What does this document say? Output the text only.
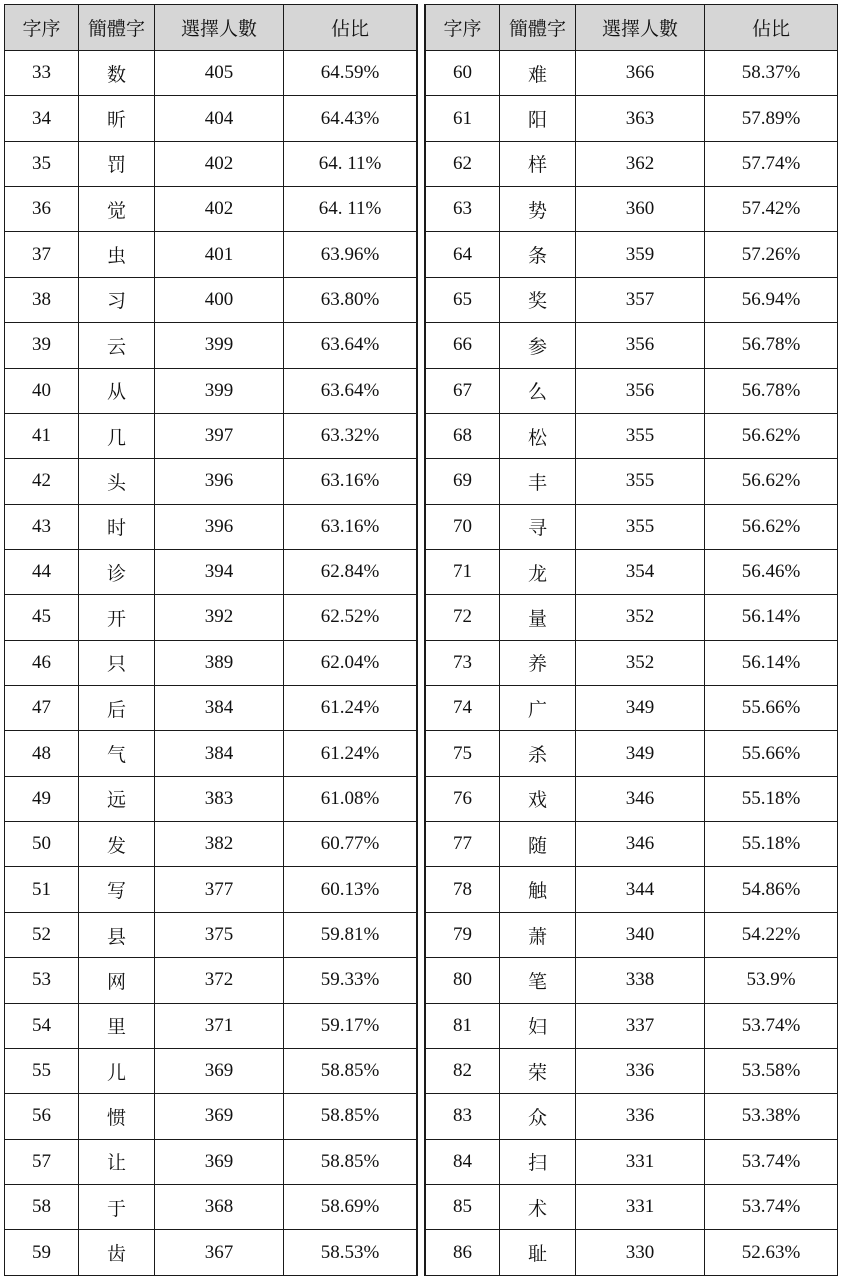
字序	簡體字	選擇人數	佔比
33	数	405	64.59%
34	昕	404	64.43%
35	罚	402	64. 11%
36	觉	402	64. 11%
37	虫	401	63.96%
38	习	400	63.80%
39	云	399	63.64%
40	从	399	63.64%
41	几	397	63.32%
42	头	396	63.16%
43	时	396	63.16%
44	诊	394	62.84%
45	开	392	62.52%
46	只	389	62.04%
47	后	384	61.24%
48	气	384	61.24%
49	远	383	61.08%
50	发	382	60.77%
51	写	377	60.13%
52	县	375	59.81%
53	网	372	59.33%
54	里	371	59.17%
55	儿	369	58.85%
56	惯	369	58.85%
57	让	369	58.85%
58	于	368	58.69%
59	齿	367	58.53%
字序	簡體字	選擇人數	佔比
60	难	366	58.37%
61	阳	363	57.89%
62	样	362	57.74%
63	势	360	57.42%
64	条	359	57.26%
65	奖	357	56.94%
66	参	356	56.78%
67	么	356	56.78%
68	松	355	56.62%
69	丰	355	56.62%
70	寻	355	56.62%
71	龙	354	56.46%
72	量	352	56.14%
73	养	352	56.14%
74	广	349	55.66%
75	杀	349	55.66%
76	戏	346	55.18%
77	随	346	55.18%
78	触	344	54.86%
79	萧	340	54.22%
80	笔	338	53.9%
81	妇	337	53.74%
82	荣	336	53.58%
83	众	336	53.38%
84	扫	331	53.74%
85	术	331	53.74%
86	耻	330	52.63%
